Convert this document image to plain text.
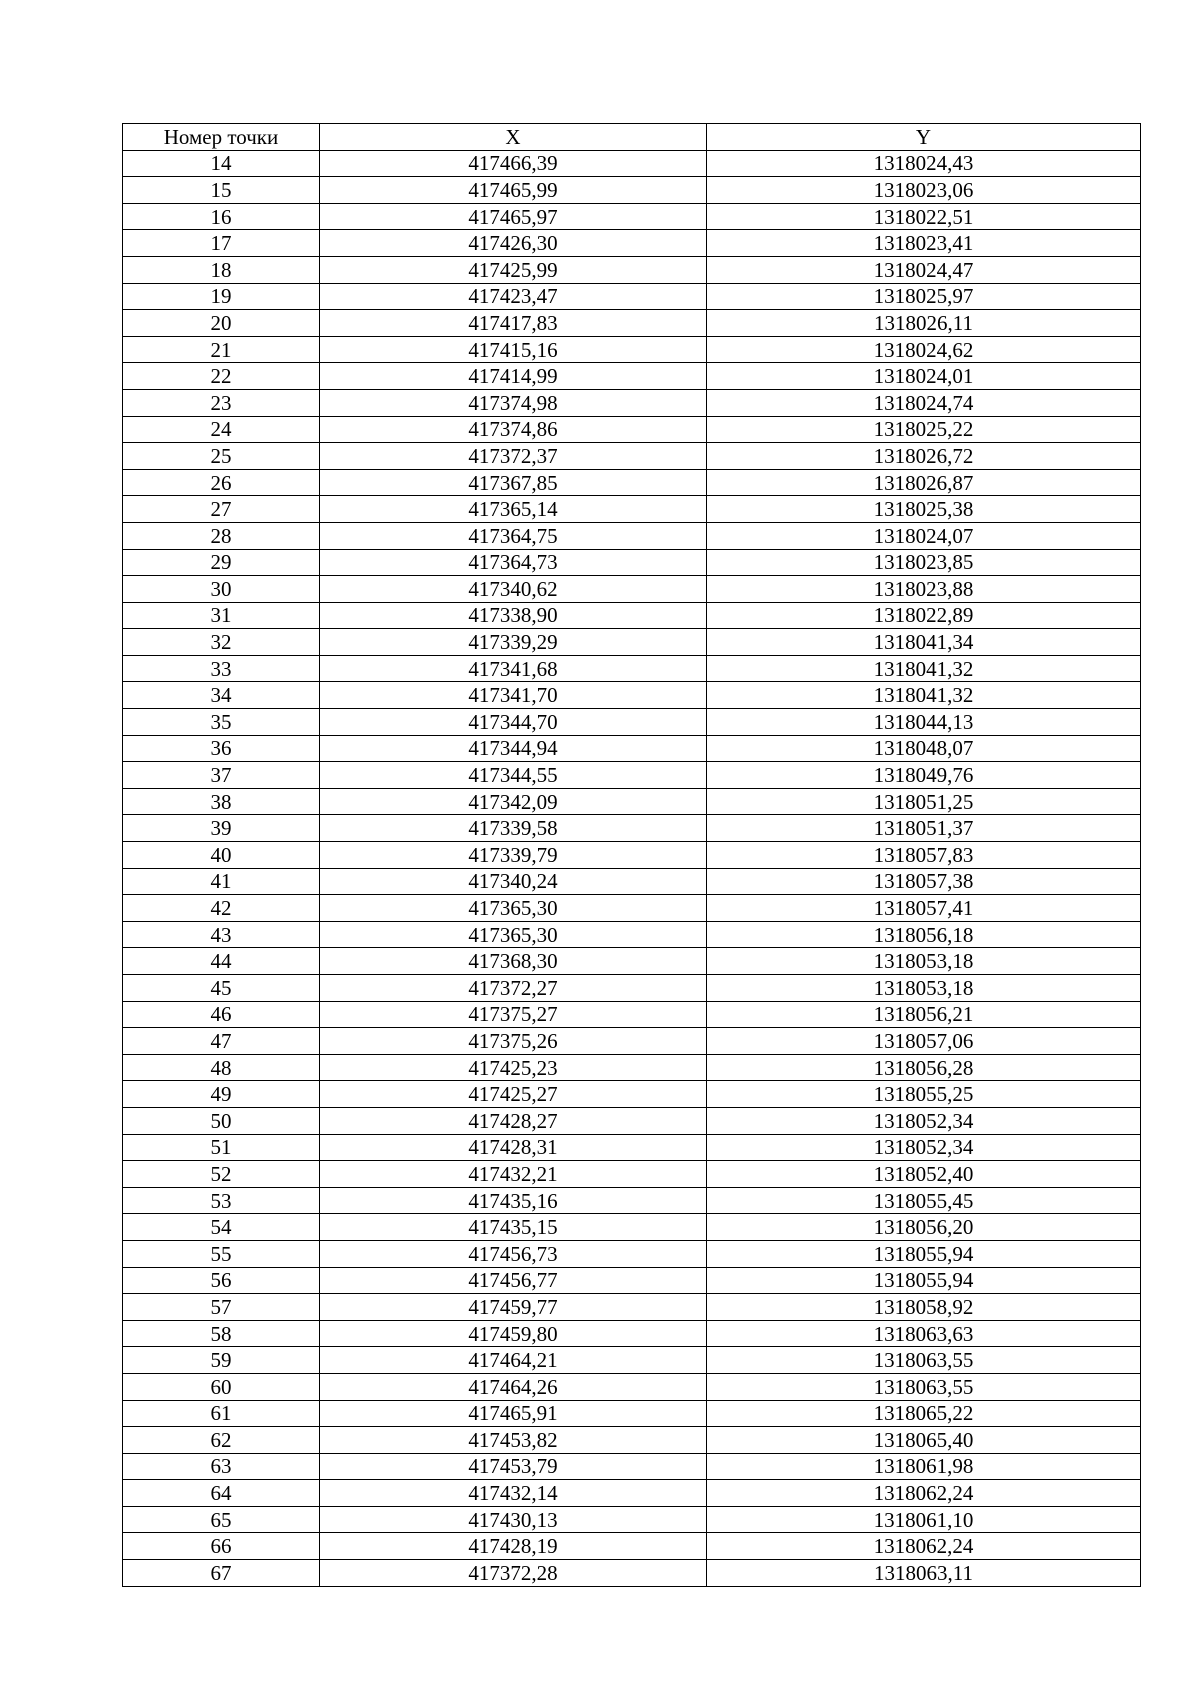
Номер точки	X	Y
14	417466,39	1318024,43
15	417465,99	1318023,06
16	417465,97	1318022,51
17	417426,30	1318023,41
18	417425,99	1318024,47
19	417423,47	1318025,97
20	417417,83	1318026,11
21	417415,16	1318024,62
22	417414,99	1318024,01
23	417374,98	1318024,74
24	417374,86	1318025,22
25	417372,37	1318026,72
26	417367,85	1318026,87
27	417365,14	1318025,38
28	417364,75	1318024,07
29	417364,73	1318023,85
30	417340,62	1318023,88
31	417338,90	1318022,89
32	417339,29	1318041,34
33	417341,68	1318041,32
34	417341,70	1318041,32
35	417344,70	1318044,13
36	417344,94	1318048,07
37	417344,55	1318049,76
38	417342,09	1318051,25
39	417339,58	1318051,37
40	417339,79	1318057,83
41	417340,24	1318057,38
42	417365,30	1318057,41
43	417365,30	1318056,18
44	417368,30	1318053,18
45	417372,27	1318053,18
46	417375,27	1318056,21
47	417375,26	1318057,06
48	417425,23	1318056,28
49	417425,27	1318055,25
50	417428,27	1318052,34
51	417428,31	1318052,34
52	417432,21	1318052,40
53	417435,16	1318055,45
54	417435,15	1318056,20
55	417456,73	1318055,94
56	417456,77	1318055,94
57	417459,77	1318058,92
58	417459,80	1318063,63
59	417464,21	1318063,55
60	417464,26	1318063,55
61	417465,91	1318065,22
62	417453,82	1318065,40
63	417453,79	1318061,98
64	417432,14	1318062,24
65	417430,13	1318061,10
66	417428,19	1318062,24
67	417372,28	1318063,11
